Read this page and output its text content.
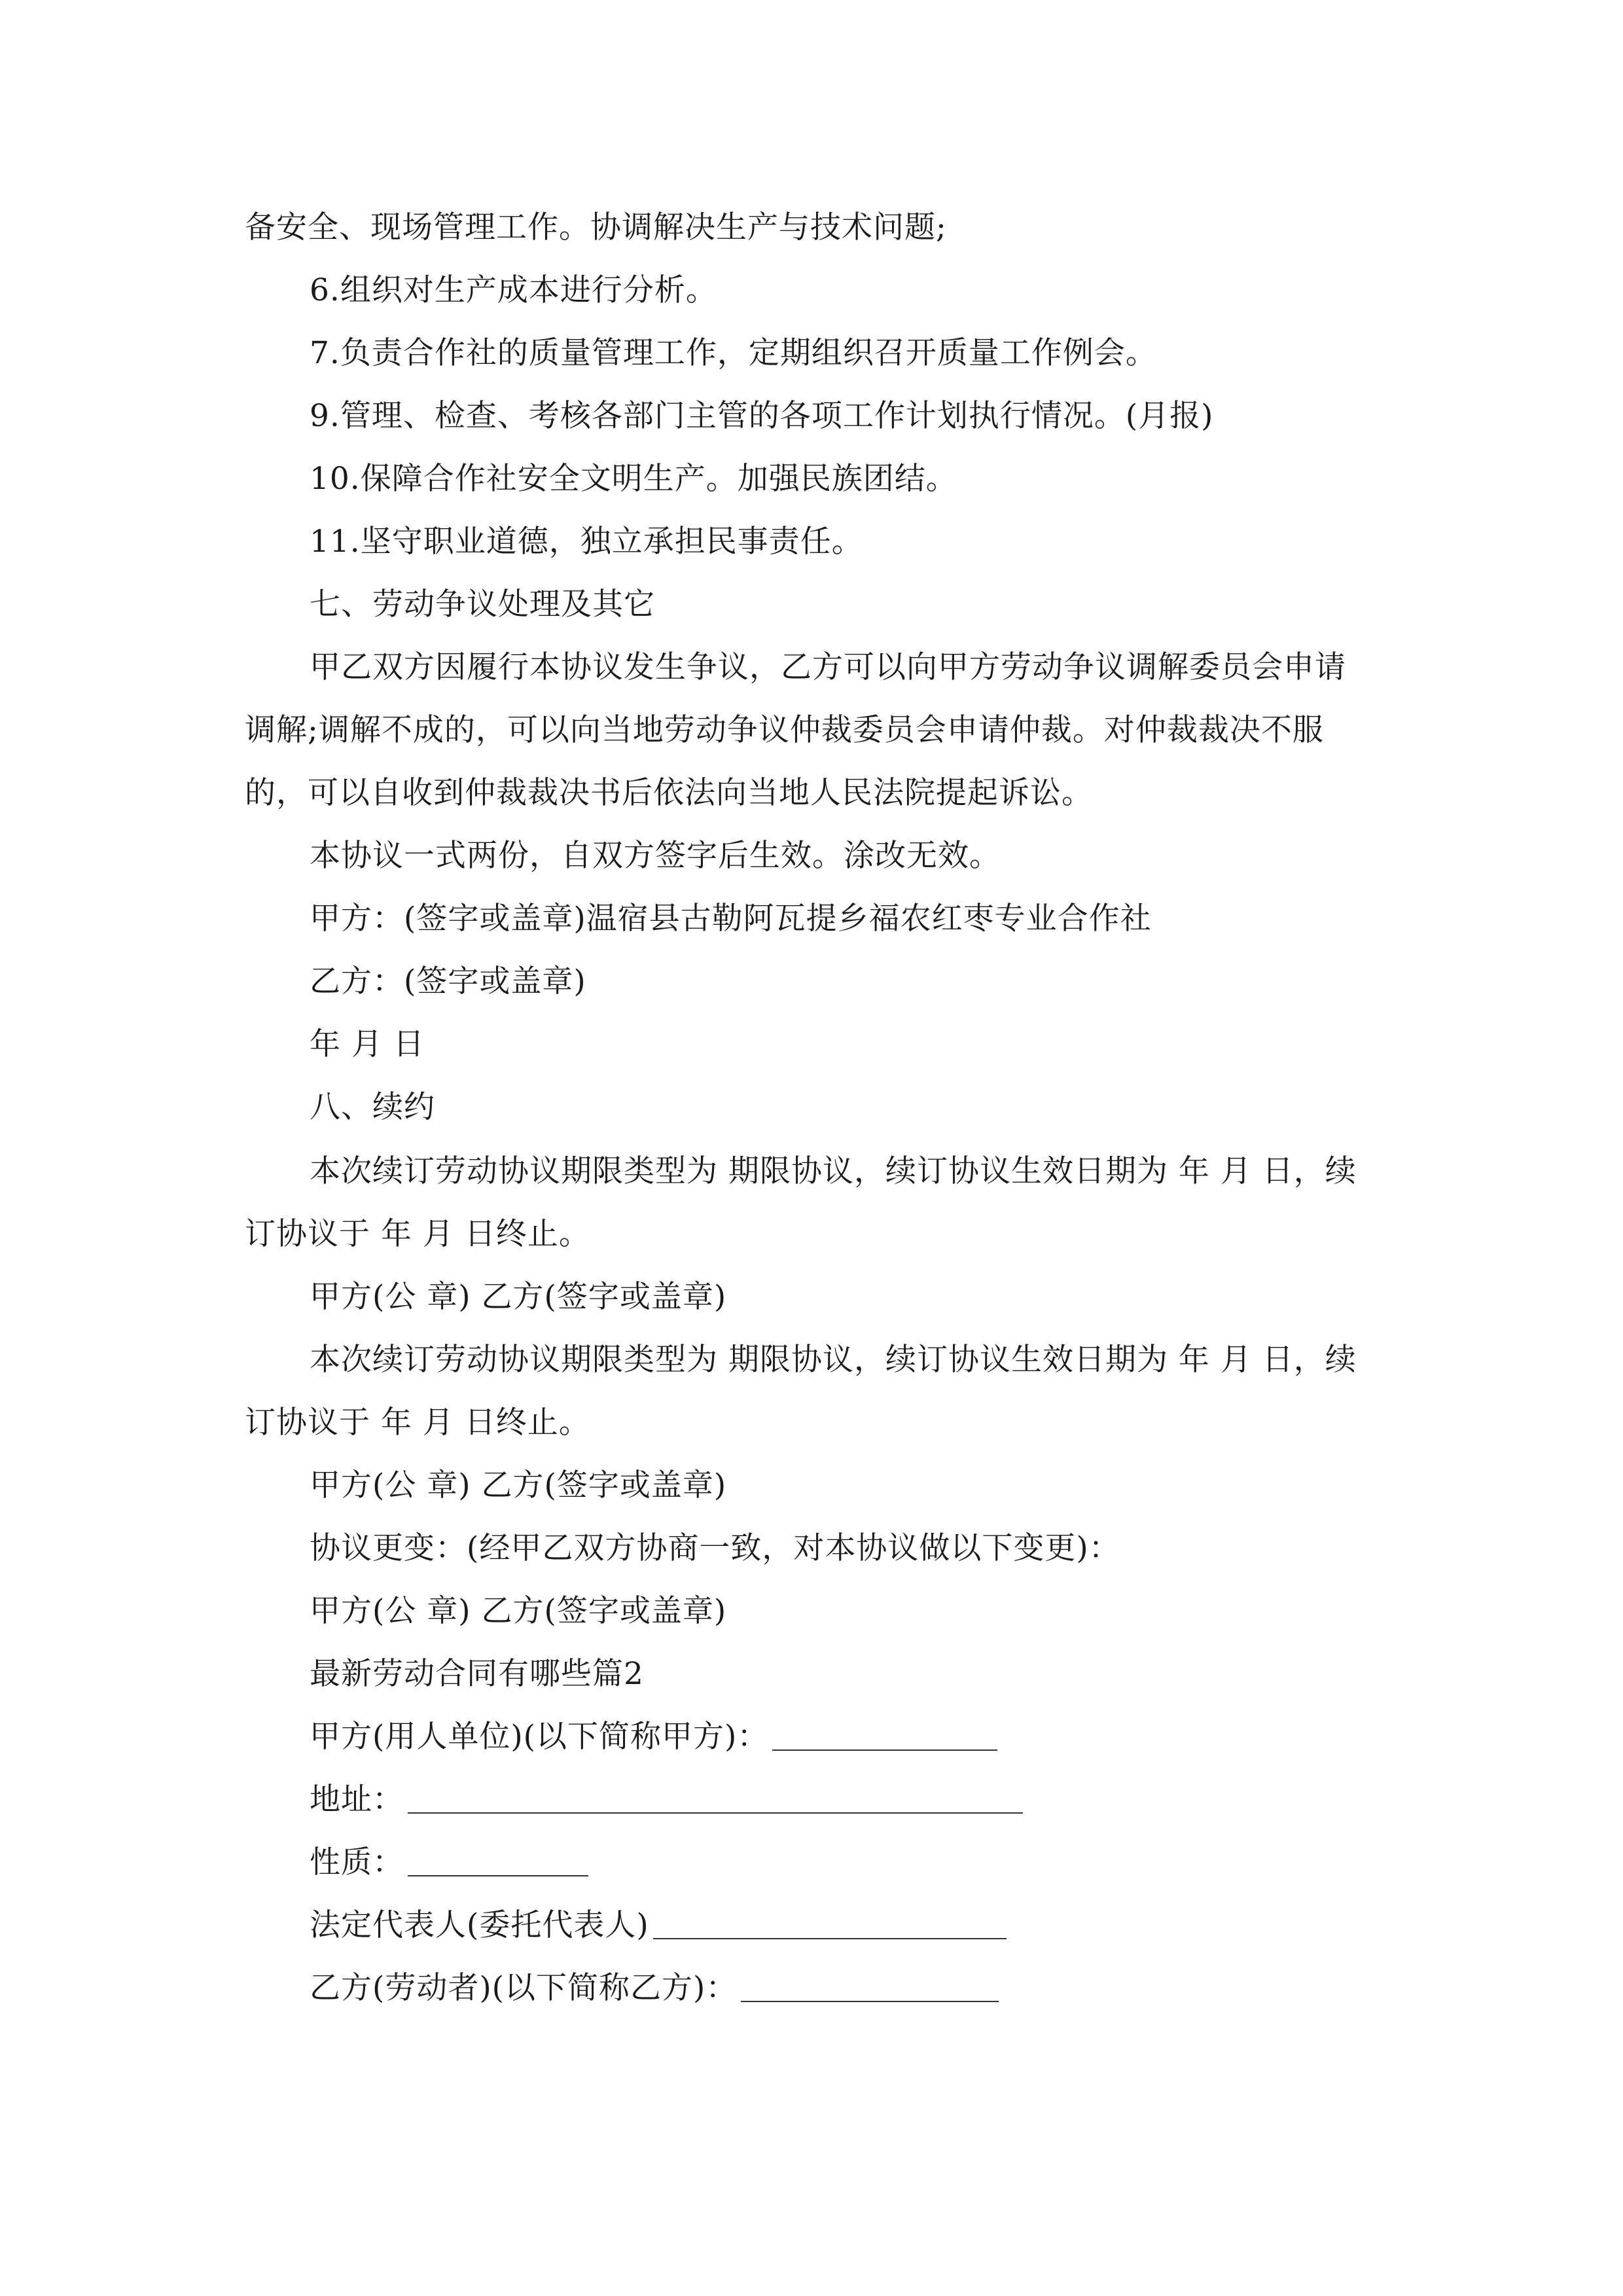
备安全、现场管理工作。协调解决生产与技术问题;
6.组织对生产成本进行分析。
7.负责合作社的质量管理工作，定期组织召开质量工作例会。
9.管理、检查、考核各部门主管的各项工作计划执行情况。(月报)
10.保障合作社安全文明生产。加强民族团结。
11.坚守职业道德，独立承担民事责任。
七、劳动争议处理及其它
甲乙双方因履行本协议发生争议，乙方可以向甲方劳动争议调解委员会申请
调解;调解不成的，可以向当地劳动争议仲裁委员会申请仲裁。对仲裁裁决不服
的，可以自收到仲裁裁决书后依法向当地人民法院提起诉讼。
本协议一式两份，自双方签字后生效。涂改无效。
甲方：(签字或盖章)温宿县古勒阿瓦提乡福农红枣专业合作社
乙方：(签字或盖章)
年 月 日
八、续约
本次续订劳动协议期限类型为 期限协议，续订协议生效日期为 年 月 日，续
订协议于 年 月 日终止。
甲方(公 章) 乙方(签字或盖章)
本次续订劳动协议期限类型为 期限协议，续订协议生效日期为 年 月 日，续
订协议于 年 月 日终止。
甲方(公 章) 乙方(签字或盖章)
协议更变：(经甲乙双方协商一致，对本协议做以下变更)：
甲方(公 章) 乙方(签字或盖章)
最新劳动合同有哪些篇2
甲方(用人单位)(以下简称甲方)：
地址：
性质：
法定代表人(委托代表人)
乙方(劳动者)(以下简称乙方)：
